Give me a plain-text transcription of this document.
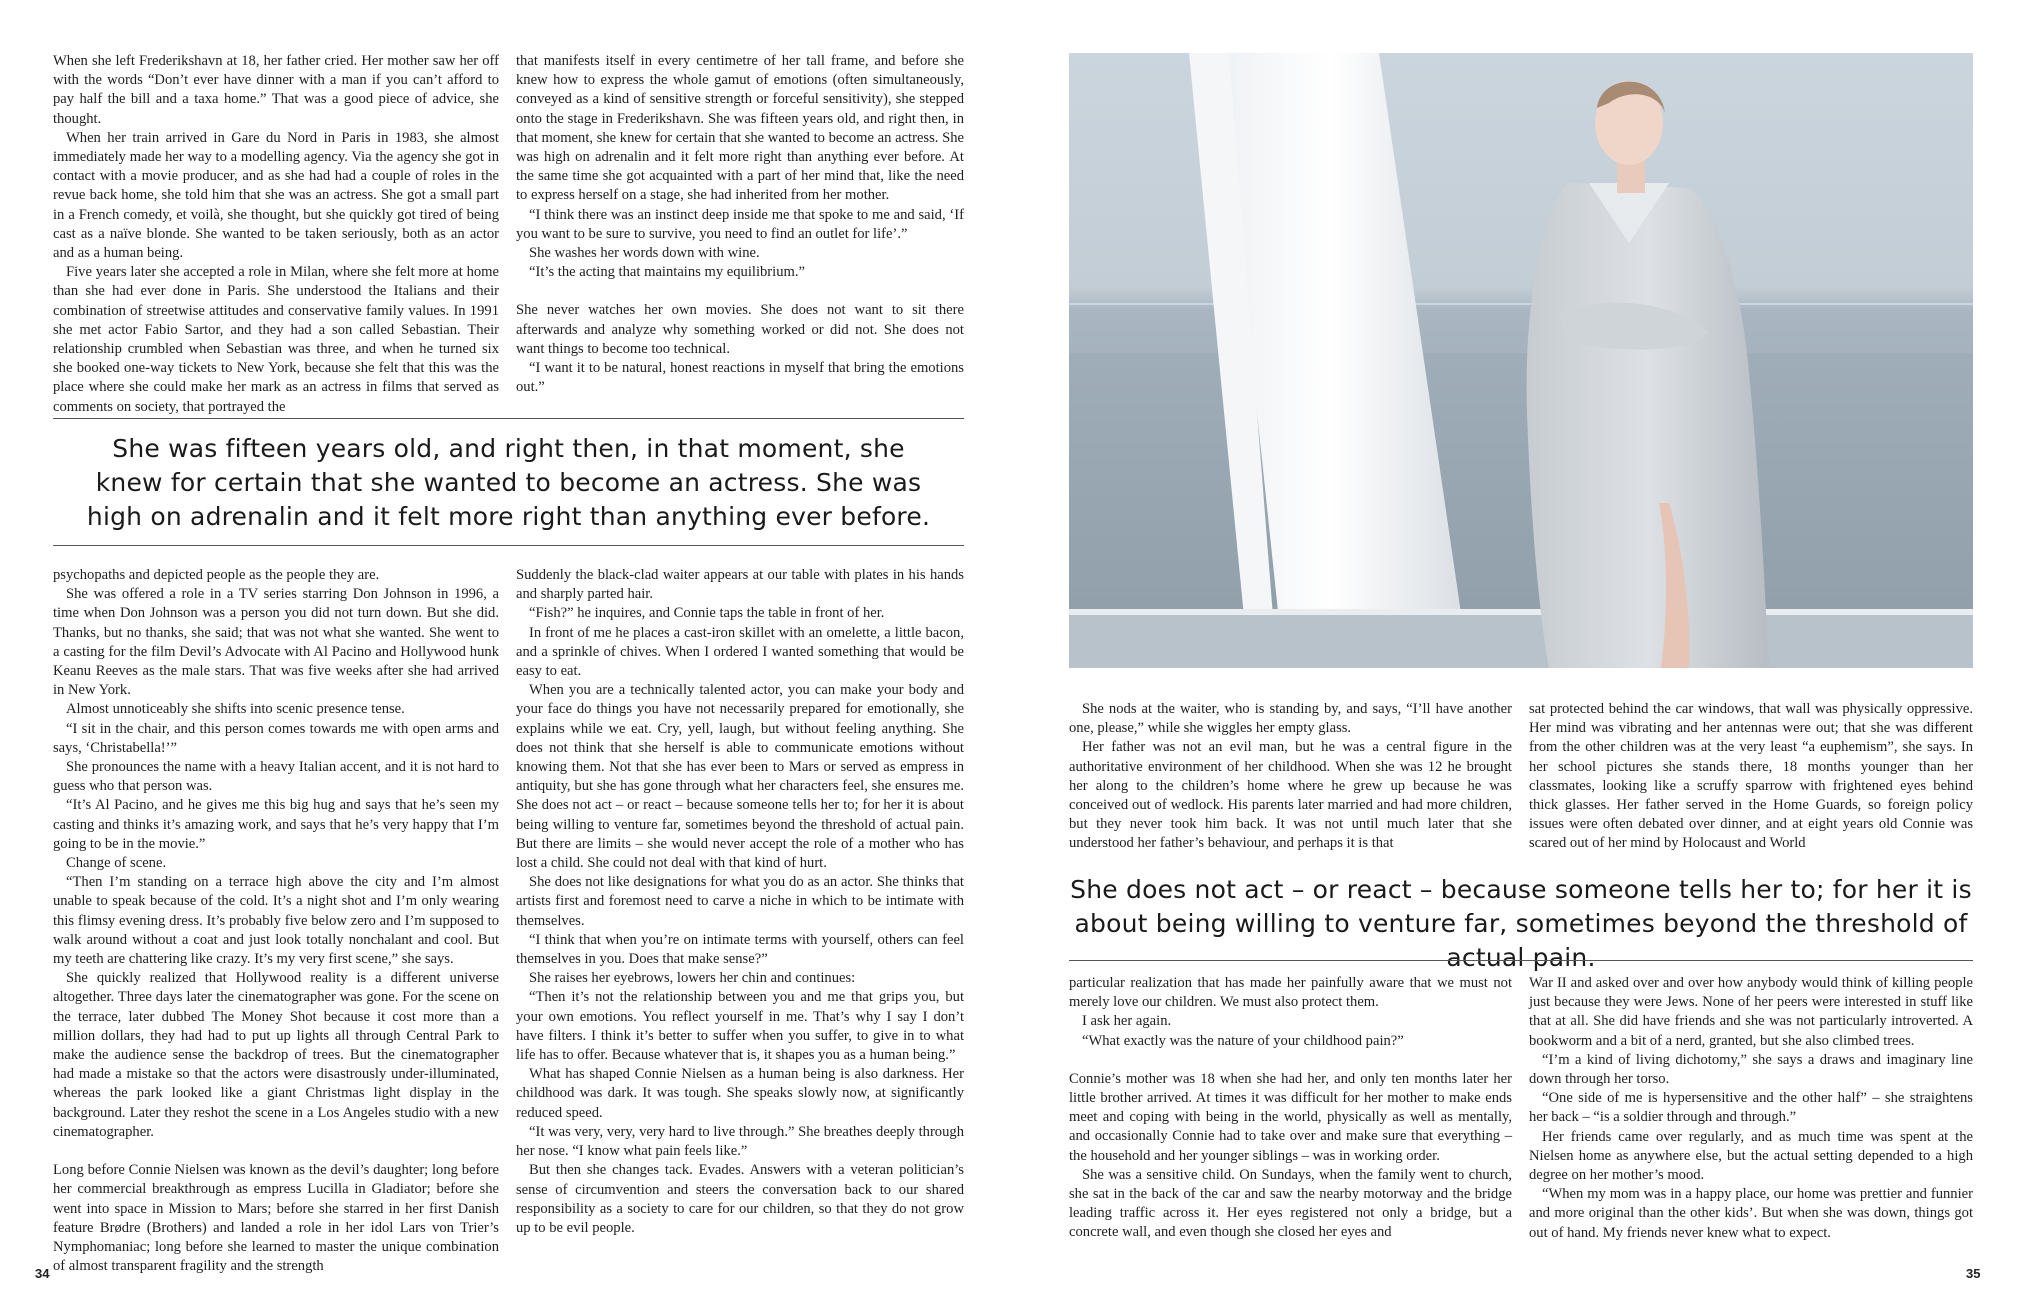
When she left Frederikshavn at 18, her father cried. Her mother saw her off with the words “Don’t ever have dinner with a man if you can’t afford to pay half the bill and a taxa home.” That was a good piece of advice, she thought.

When her train arrived in Gare du Nord in Paris in 1983, she almost immediately made her way to a modelling agency. Via the agency she got in contact with a movie producer, and as she had had a couple of roles in the revue back home, she told him that she was an actress. She got a small part in a French comedy, et voilà, she thought, but she quickly got tired of being cast as a naïve blonde. She wanted to be taken seriously, both as an actor and as a human being.

Five years later she accepted a role in Milan, where she felt more at home than she had ever done in Paris. She understood the Italians and their combination of streetwise attitudes and conservative family values. In 1991 she met actor Fabio Sartor, and they had a son called Sebastian. Their relationship crumbled when Sebastian was three, and when he turned six she booked one-way tickets to New York, because she felt that this was the place where she could make her mark as an actress in films that served as comments on society, that portrayed the

that manifests itself in every centimetre of her tall frame, and before she knew how to express the whole gamut of emotions (often simultaneously, conveyed as a kind of sensitive strength or forceful sensitivity), she stepped onto the stage in Frederikshavn. She was fifteen years old, and right then, in that moment, she knew for certain that she wanted to become an actress. She was high on adrenalin and it felt more right than anything ever before. At the same time she got acquainted with a part of her mind that, like the need to express herself on a stage, she had inherited from her mother.

“I think there was an instinct deep inside me that spoke to me and said, ‘If you want to be sure to survive, you need to find an outlet for life’.”

She washes her words down with wine.

“It’s the acting that maintains my equilibrium.”

She never watches her own movies. She does not want to sit there afterwards and analyze why something worked or did not. She does not want things to become too technical.

“I want it to be natural, honest reactions in myself that bring the emotions out.”

She was fifteen years old, and right then, in that moment, she knew for certain that she wanted to become an actress. She was high on adrenalin and it felt more right than anything ever before.

psychopaths and depicted people as the people they are.

She was offered a role in a TV series starring Don Johnson in 1996, a time when Don Johnson was a person you did not turn down. But she did. Thanks, but no thanks, she said; that was not what she wanted. She went to a casting for the film Devil’s Advocate with Al Pacino and Hollywood hunk Keanu Reeves as the male stars. That was five weeks after she had arrived in New York.

Almost unnoticeably she shifts into scenic presence tense.

“I sit in the chair, and this person comes towards me with open arms and says, ‘Christabella!’”

She pronounces the name with a heavy Italian accent, and it is not hard to guess who that person was.

“It’s Al Pacino, and he gives me this big hug and says that he’s seen my casting and thinks it’s amazing work, and says that he’s very happy that I’m going to be in the movie.”

Change of scene.

“Then I’m standing on a terrace high above the city and I’m almost unable to speak because of the cold. It’s a night shot and I’m only wearing this flimsy evening dress. It’s probably five below zero and I’m supposed to walk around without a coat and just look totally nonchalant and cool. But my teeth are chattering like crazy. It’s my very first scene,” she says.

She quickly realized that Hollywood reality is a different universe altogether. Three days later the cinematographer was gone. For the scene on the terrace, later dubbed The Money Shot because it cost more than a million dollars, they had had to put up lights all through Central Park to make the audience sense the backdrop of trees. But the cinematographer had made a mistake so that the actors were disastrously under-illuminated, whereas the park looked like a giant Christmas light display in the background. Later they reshot the scene in a Los Angeles studio with a new cinematographer.

Long before Connie Nielsen was known as the devil’s daughter; long before her commercial breakthrough as empress Lucilla in Gladiator; before she went into space in Mission to Mars; before she starred in her first Danish feature Brødre (Brothers) and landed a role in her idol Lars von Trier’s Nymphomaniac; long before she learned to master the unique combination of almost transparent fragility and the strength

Suddenly the black-clad waiter appears at our table with plates in his hands and sharply parted hair.

“Fish?” he inquires, and Connie taps the table in front of her.

In front of me he places a cast-iron skillet with an omelette, a little bacon, and a sprinkle of chives. When I ordered I wanted something that would be easy to eat.

When you are a technically talented actor, you can make your body and your face do things you have not necessarily prepared for emotionally, she explains while we eat. Cry, yell, laugh, but without feeling anything. She does not think that she herself is able to communicate emotions without knowing them. Not that she has ever been to Mars or served as empress in antiquity, but she has gone through what her characters feel, she ensures me. She does not act – or react – because someone tells her to; for her it is about being willing to venture far, sometimes beyond the threshold of actual pain. But there are limits – she would never accept the role of a mother who has lost a child. She could not deal with that kind of hurt.

She does not like designations for what you do as an actor. She thinks that artists first and foremost need to carve a niche in which to be intimate with themselves.

“I think that when you’re on intimate terms with yourself, others can feel themselves in you. Does that make sense?”

She raises her eyebrows, lowers her chin and continues:

“Then it’s not the relationship between you and me that grips you, but your own emotions. You reflect yourself in me. That’s why I say I don’t have filters. I think it’s better to suffer when you suffer, to give in to what life has to offer. Because whatever that is, it shapes you as a human being.”

What has shaped Connie Nielsen as a human being is also darkness. Her childhood was dark. It was tough. She speaks slowly now, at significantly reduced speed.

“It was very, very, very hard to live through.” She breathes deeply through her nose. “I know what pain feels like.”

But then she changes tack. Evades. Answers with a veteran politician’s sense of circumvention and steers the conversation back to our shared responsibility as a society to care for our children, so that they do not grow up to be evil people.

34

She nods at the waiter, who is standing by, and says, “I’ll have another one, please,” while she wiggles her empty glass.

Her father was not an evil man, but he was a central figure in the authoritative environment of her childhood. When she was 12 he brought her along to the children’s home where he grew up because he was conceived out of wedlock. His parents later married and had more children, but they never took him back. It was not until much later that she understood her father’s behaviour, and perhaps it is that

sat protected behind the car windows, that wall was physically oppressive. Her mind was vibrating and her antennas were out; that she was different from the other children was at the very least “a euphemism”, she says. In her school pictures she stands there, 18 months younger than her classmates, looking like a scruffy sparrow with frightened eyes behind thick glasses. Her father served in the Home Guards, so foreign policy issues were often debated over dinner, and at eight years old Connie was scared out of her mind by Holocaust and World

She does not act – or react – because someone tells her to; for her it is about being willing to venture far, sometimes beyond the threshold of actual pain.

particular realization that has made her painfully aware that we must not merely love our children. We must also protect them.

I ask her again.

“What exactly was the nature of your childhood pain?”

Connie’s mother was 18 when she had her, and only ten months later her little brother arrived. At times it was difficult for her mother to make ends meet and coping with being in the world, physically as well as mentally, and occasionally Connie had to take over and make sure that everything – the household and her younger siblings – was in working order.

She was a sensitive child. On Sundays, when the family went to church, she sat in the back of the car and saw the nearby motorway and the bridge leading traffic across it. Her eyes registered not only a bridge, but a concrete wall, and even though she closed her eyes and

War II and asked over and over how anybody would think of killing people just because they were Jews. None of her peers were interested in stuff like that at all. She did have friends and she was not particularly introverted. A bookworm and a bit of a nerd, granted, but she also climbed trees.

“I’m a kind of living dichotomy,” she says a draws and imaginary line down through her torso.

“One side of me is hypersensitive and the other half” – she straightens her back – “is a soldier through and through.”

Her friends came over regularly, and as much time was spent at the Nielsen home as anywhere else, but the actual setting depended to a high degree on her mother’s mood.

“When my mom was in a happy place, our home was prettier and funnier and more original than the other kids’. But when she was down, things got out of hand. My friends never knew what to expect.

35
